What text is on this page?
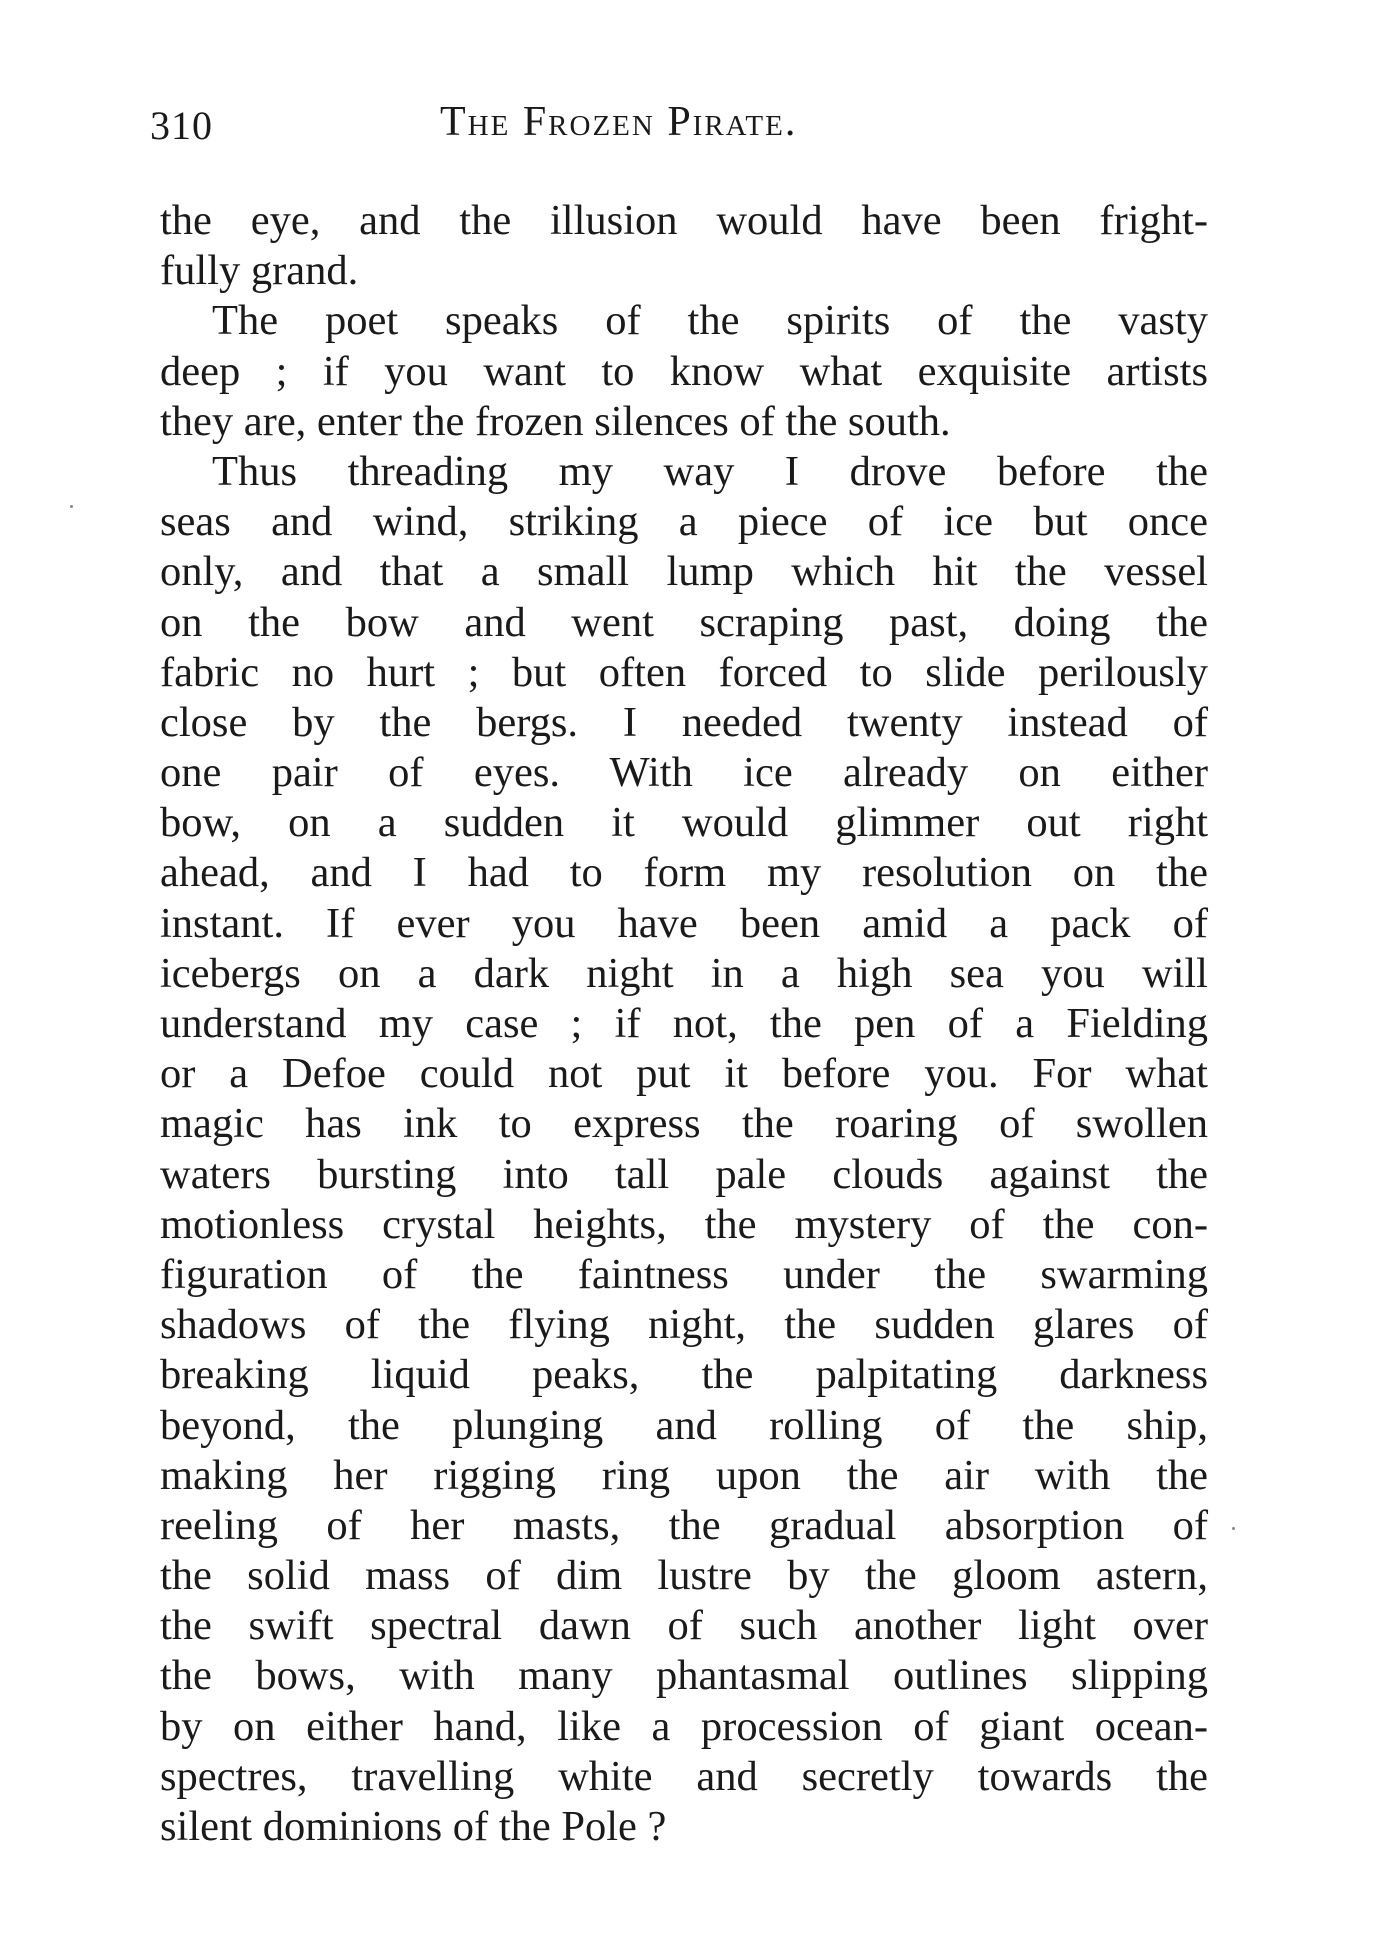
310	The Frozen Pirate.
the eye, and the illusion would have been fright-
fully grand.
The poet speaks of the spirits of the vasty
deep ; if you want to know what exquisite artists
they are, enter the frozen silences of the south.
Thus threading my way I drove before the
seas and wind, striking a piece of ice but once
only, and that a small lump which hit the vessel
on the bow and went scraping past, doing the
fabric no hurt ; but often forced to slide perilously
close by the bergs. I needed twenty instead of
one pair of eyes. With ice already on either
bow, on a sudden it would glimmer out right
ahead, and I had to form my resolution on the
instant. If ever you have been amid a pack of
icebergs on a dark night in a high sea you will
understand my case ; if not, the pen of a Fielding
or a Defoe could not put it before you. For what
magic has ink to express the roaring of swollen
waters bursting into tall pale clouds against the
motionless crystal heights, the mystery of the con-
figuration of the faintness under the swarming
shadows of the flying night, the sudden glares of
breaking liquid peaks, the palpitating darkness
beyond, the plunging and rolling of the ship,
making her rigging ring upon the air with the
reeling of her masts, the gradual absorption of
the solid mass of dim lustre by the gloom astern,
the swift spectral dawn of such another light over
the bows, with many phantasmal outlines slipping
by on either hand, like a procession of giant ocean-
spectres, travelling white and secretly towards the
silent dominions of the Pole ?
